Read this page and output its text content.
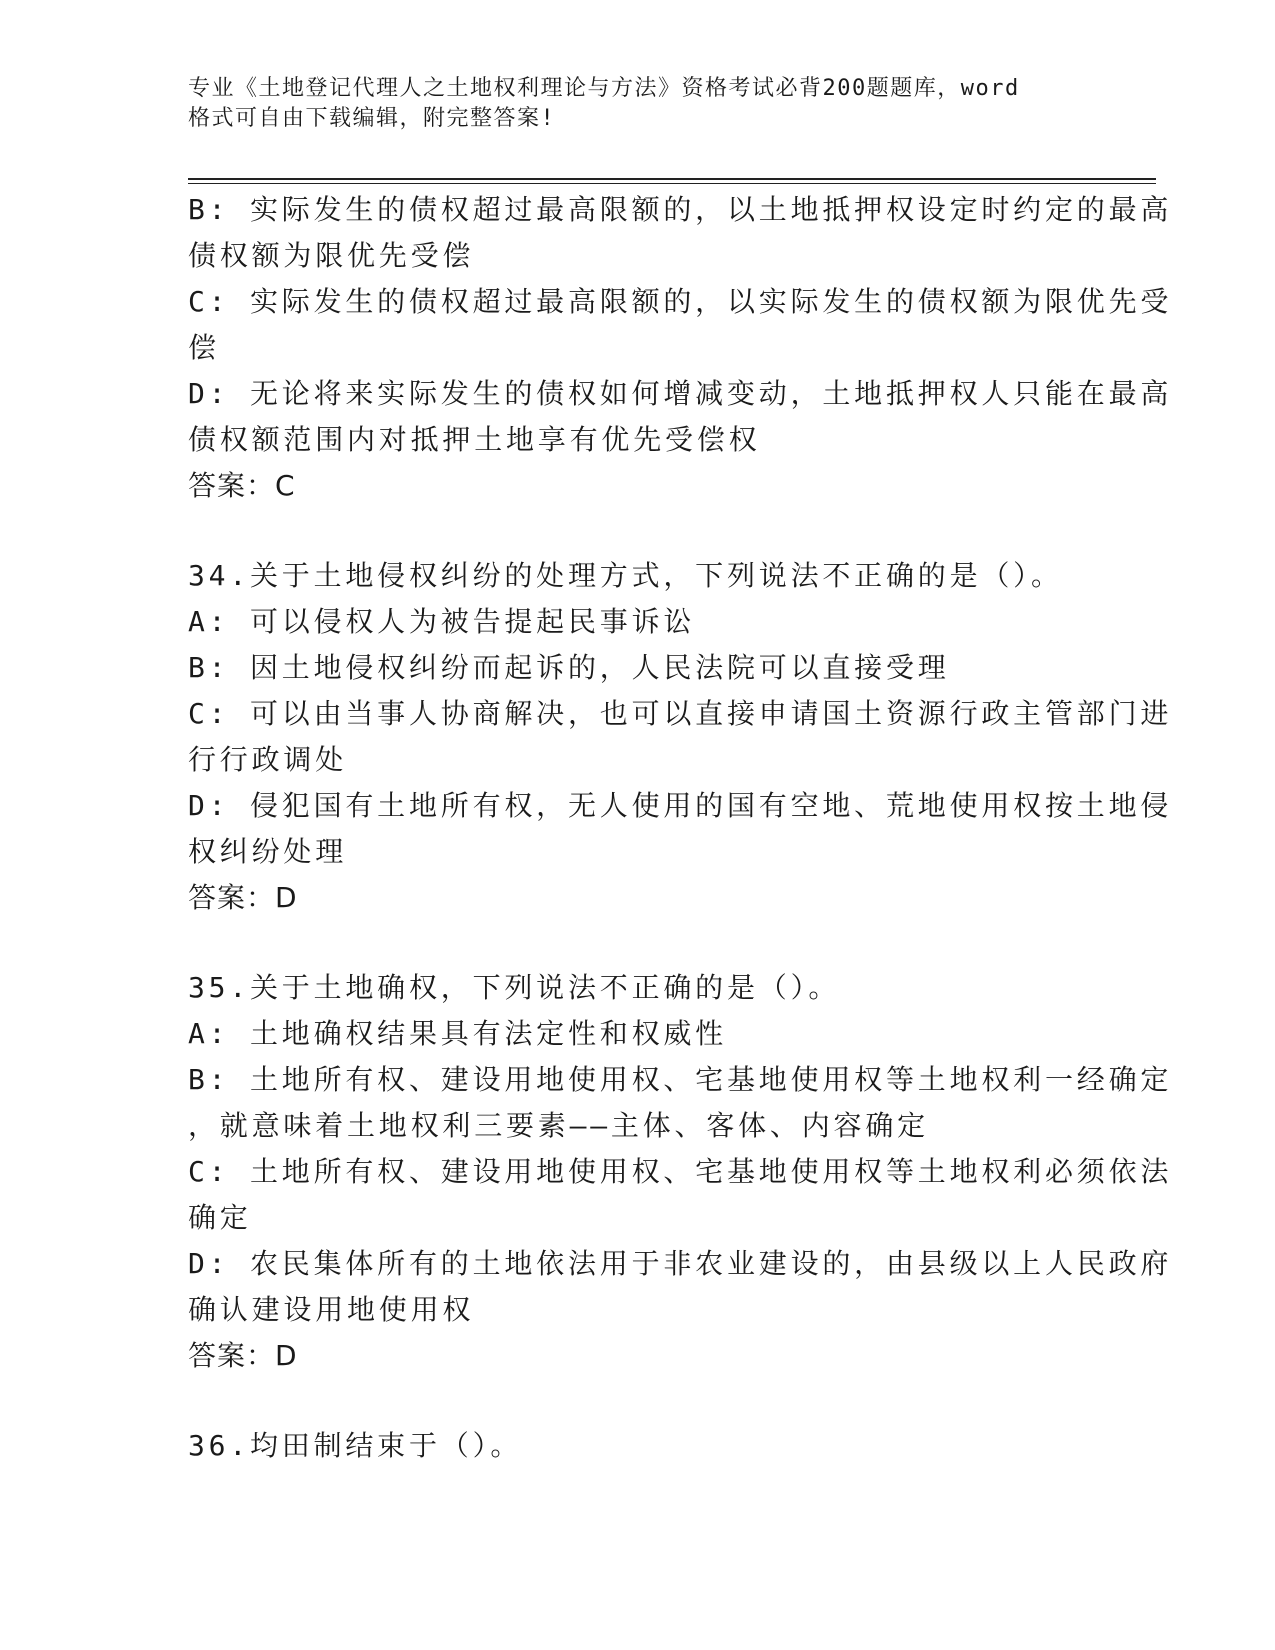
专业《土地登记代理人之土地权利理论与方法》资格考试必背200题题库，word
格式可自由下载编辑，附完整答案!
B: 实际发生的债权超过最高限额的，以土地抵押权设定时约定的最高
债权额为限优先受偿
C: 实际发生的债权超过最高限额的，以实际发生的债权额为限优先受
偿
D: 无论将来实际发生的债权如何增减变动，土地抵押权人只能在最高
债权额范围内对抵押土地享有优先受偿权
答案：C
34.关于土地侵权纠纷的处理方式，下列说法不正确的是（）。
A: 可以侵权人为被告提起民事诉讼
B: 因土地侵权纠纷而起诉的，人民法院可以直接受理
C: 可以由当事人协商解决，也可以直接申请国土资源行政主管部门进
行行政调处
D: 侵犯国有土地所有权，无人使用的国有空地、荒地使用权按土地侵
权纠纷处理
答案：D
35.关于土地确权，下列说法不正确的是（）。
A: 土地确权结果具有法定性和权威性
B: 土地所有权、建设用地使用权、宅基地使用权等土地权利一经确定
，就意味着土地权利三要素——主体、客体、内容确定
C: 土地所有权、建设用地使用权、宅基地使用权等土地权利必须依法
确定
D: 农民集体所有的土地依法用于非农业建设的，由县级以上人民政府
确认建设用地使用权
答案：D
36.均田制结束于（）。
